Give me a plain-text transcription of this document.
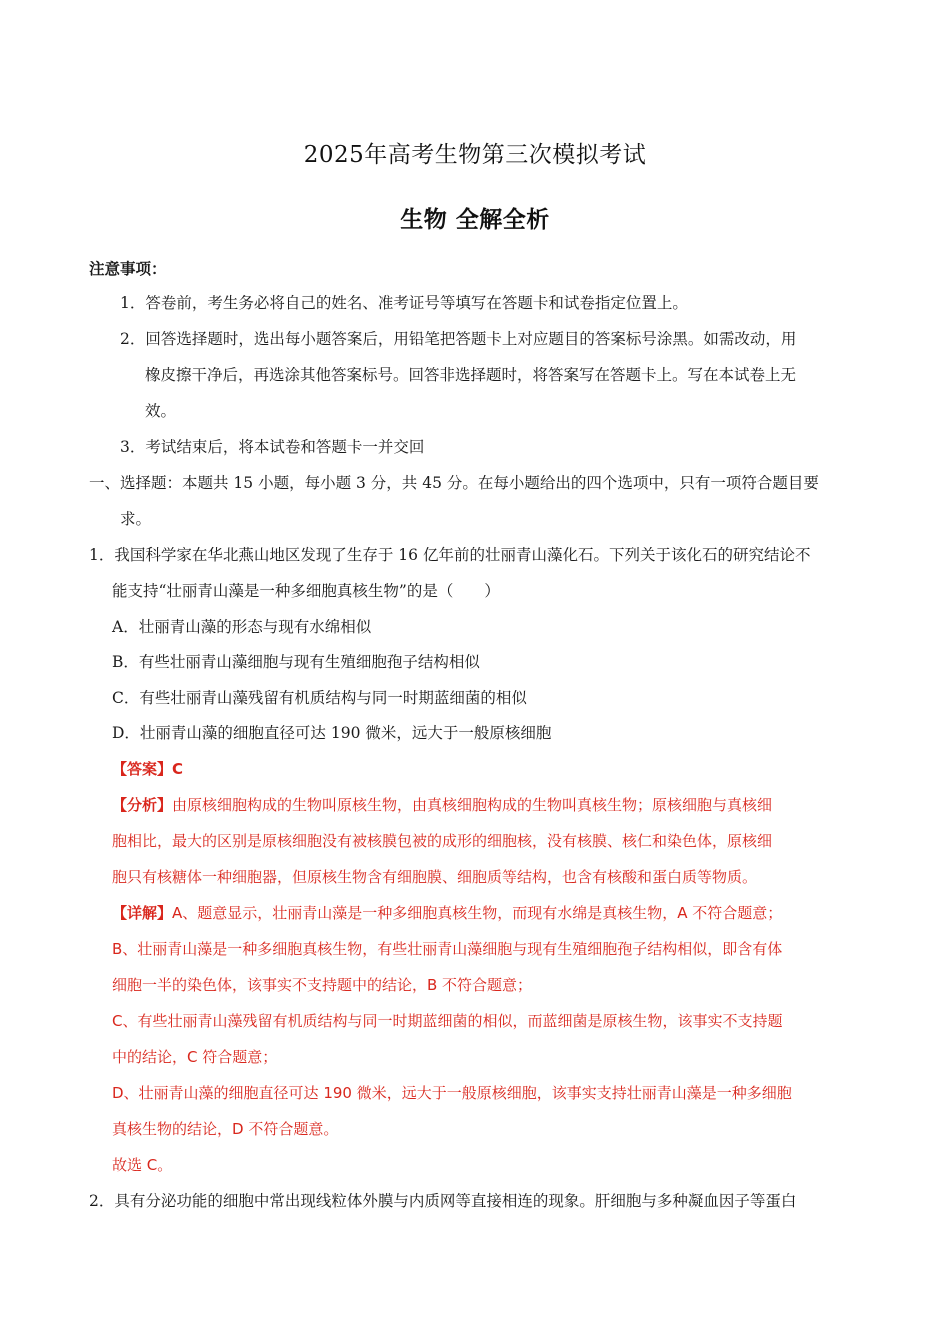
2025年高考生物第三次模拟考试
生物 全解全析
注意事项：
1．答卷前，考生务必将自己的姓名、准考证号等填写在答题卡和试卷指定位置上。
2．回答选择题时，选出每小题答案后，用铅笔把答题卡上对应题目的答案标号涂黑。如需改动，用
橡皮擦干净后，再选涂其他答案标号。回答非选择题时，将答案写在答题卡上。写在本试卷上无
效。
3．考试结束后，将本试卷和答题卡一并交回
一、选择题：本题共 15 小题，每小题 3 分，共 45 分。在每小题给出的四个选项中，只有一项符合题目要
求。
1．我国科学家在华北燕山地区发现了生存于 16 亿年前的壮丽青山藻化石。下列关于该化石的研究结论不
能支持“壮丽青山藻是一种多细胞真核生物”的是（　　）
A．壮丽青山藻的形态与现有水绵相似
B．有些壮丽青山藻细胞与现有生殖细胞孢子结构相似
C．有些壮丽青山藻残留有机质结构与同一时期蓝细菌的相似
D．壮丽青山藻的细胞直径可达 190 微米，远大于一般原核细胞
【答案】C
【分析】由原核细胞构成的生物叫原核生物，由真核细胞构成的生物叫真核生物；原核细胞与真核细
胞相比，最大的区别是原核细胞没有被核膜包被的成形的细胞核，没有核膜、核仁和染色体，原核细
胞只有核糖体一种细胞器，但原核生物含有细胞膜、细胞质等结构，也含有核酸和蛋白质等物质。
【详解】A、题意显示，壮丽青山藻是一种多细胞真核生物，而现有水绵是真核生物，A 不符合题意；
B、壮丽青山藻是一种多细胞真核生物，有些壮丽青山藻细胞与现有生殖细胞孢子结构相似，即含有体
细胞一半的染色体，该事实不支持题中的结论，B 不符合题意；
C、有些壮丽青山藻残留有机质结构与同一时期蓝细菌的相似，而蓝细菌是原核生物，该事实不支持题
中的结论，C 符合题意；
D、壮丽青山藻的细胞直径可达 190 微米，远大于一般原核细胞，该事实支持壮丽青山藻是一种多细胞
真核生物的结论，D 不符合题意。
故选 C。
2．具有分泌功能的细胞中常出现线粒体外膜与内质网等直接相连的现象。肝细胞与多种凝血因子等蛋白
